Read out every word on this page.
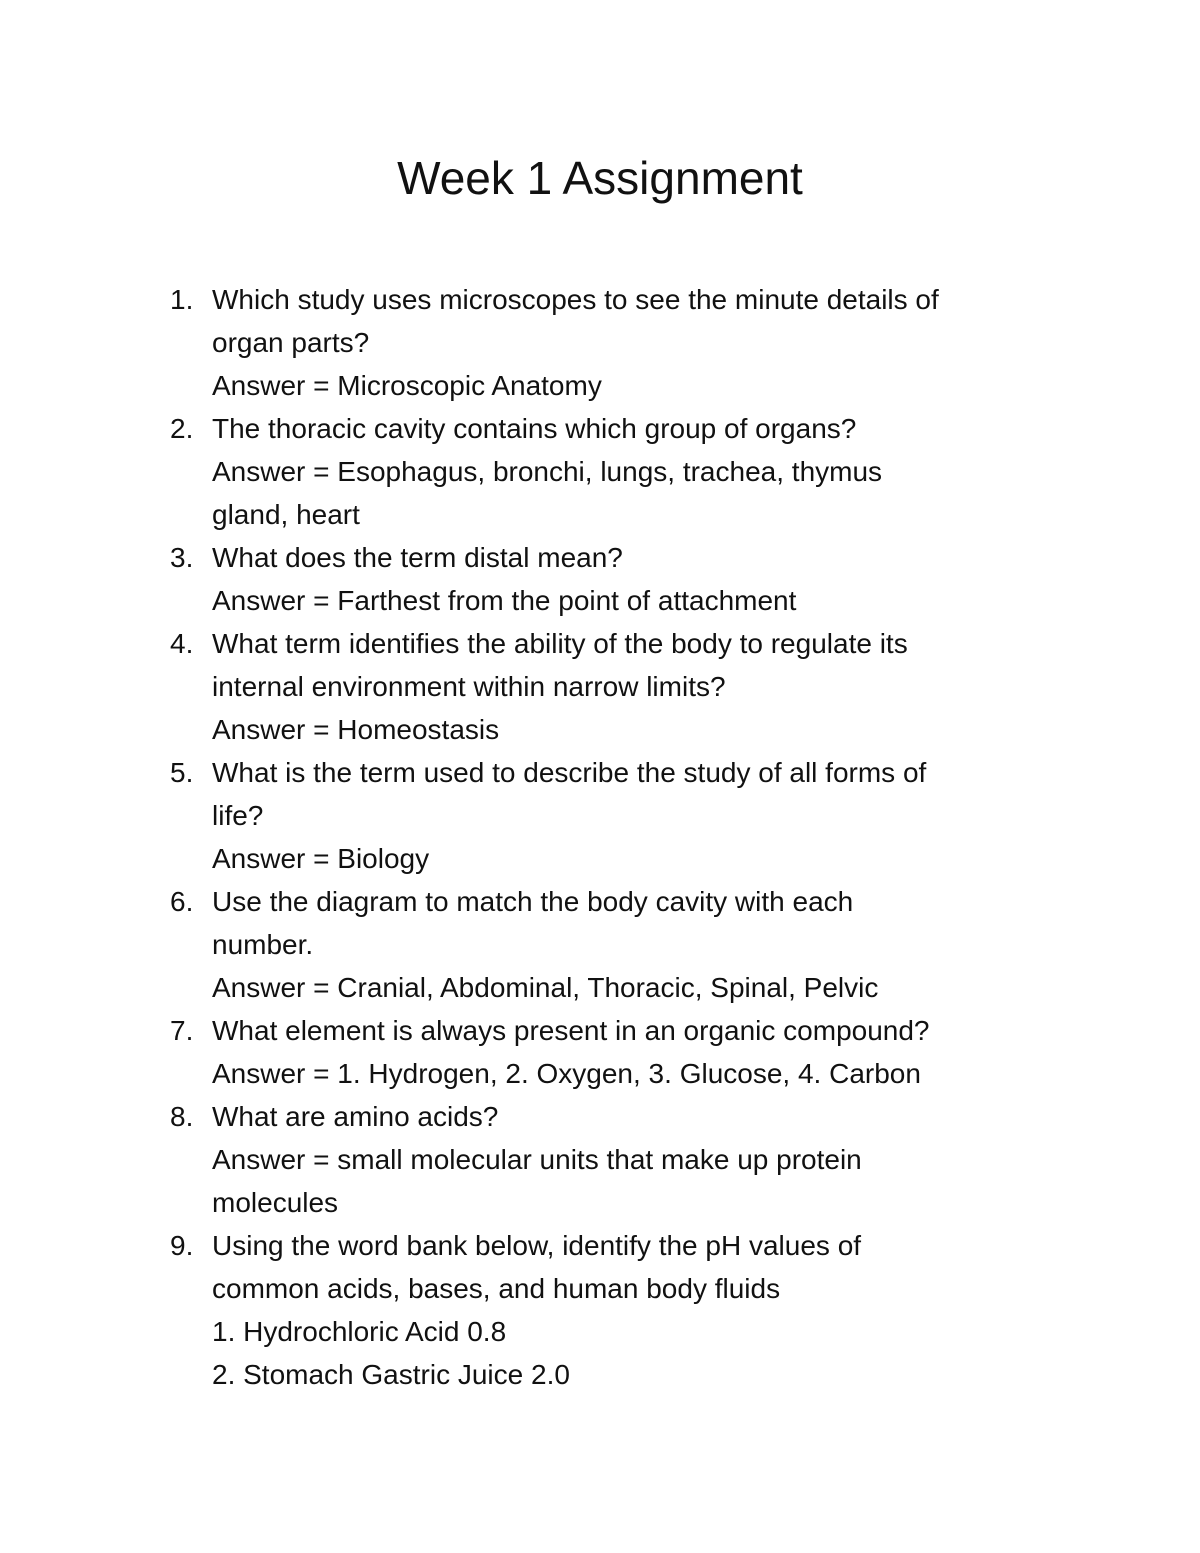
Week 1 Assignment
1. Which study uses microscopes to see the minute details of
organ parts?
Answer = Microscopic Anatomy
2. The thoracic cavity contains which group of organs?
Answer = Esophagus, bronchi, lungs, trachea, thymus
gland, heart
3. What does the term distal mean?
Answer = Farthest from the point of attachment
4. What term identifies the ability of the body to regulate its
internal environment within narrow limits?
Answer = Homeostasis
5. What is the term used to describe the study of all forms of
life?
Answer = Biology
6. Use the diagram to match the body cavity with each
number.
Answer = Cranial, Abdominal, Thoracic, Spinal, Pelvic
7. What element is always present in an organic compound?
Answer = 1. Hydrogen, 2. Oxygen, 3. Glucose, 4. Carbon
8. What are amino acids?
Answer = small molecular units that make up protein
molecules
9. Using the word bank below, identify the pH values of
common acids, bases, and human body fluids
1. Hydrochloric Acid 0.8
2. Stomach Gastric Juice 2.0
